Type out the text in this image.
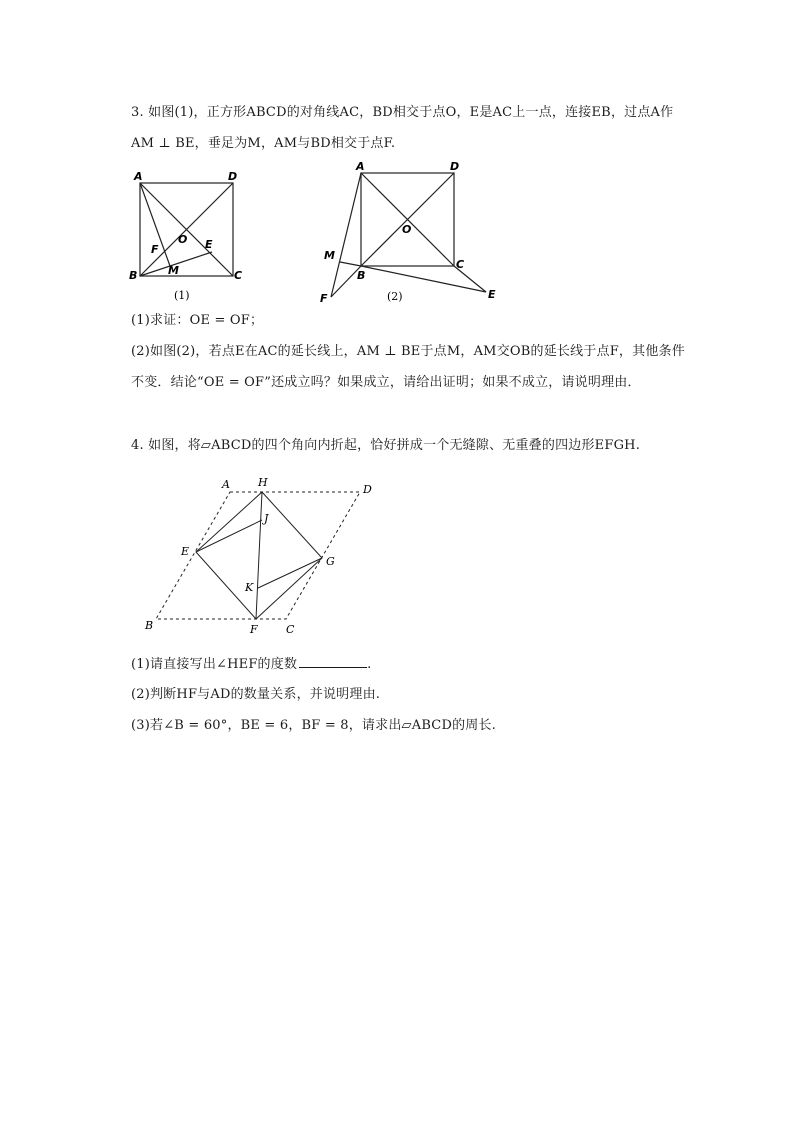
3. 如图(1)，正方形ABCD的对角线AC，BD相交于点O，E是AC上一点，连接EB，过点A作
AM ⊥ BE，垂足为M，AM与BD相交于点F.
A	D
B	C
O E
F
M
(1)
A	D
B
C
O
E
F
M
(2)
(1)求证：OE = OF；
(2)如图(2)，若点E在AC的延长线上，AM ⊥ BE于点M，AM交OB的延长线于点F，其他条件
不变．结论“OE = OF”还成立吗？如果成立，请给出证明；如果不成立，请说明理由．
4. 如图，将▱ABCD的四个角向内折起，恰好拼成一个无缝隙、无重叠的四边形EFGH.
A	H
D
J
E
G
K
B	F	C
(1)请直接写出∠HEF的度数	.
(2)判断HF与AD的数量关系，并说明理由.
(3)若∠B = 60°，BE = 6，BF = 8，请求出▱ABCD的周长.
